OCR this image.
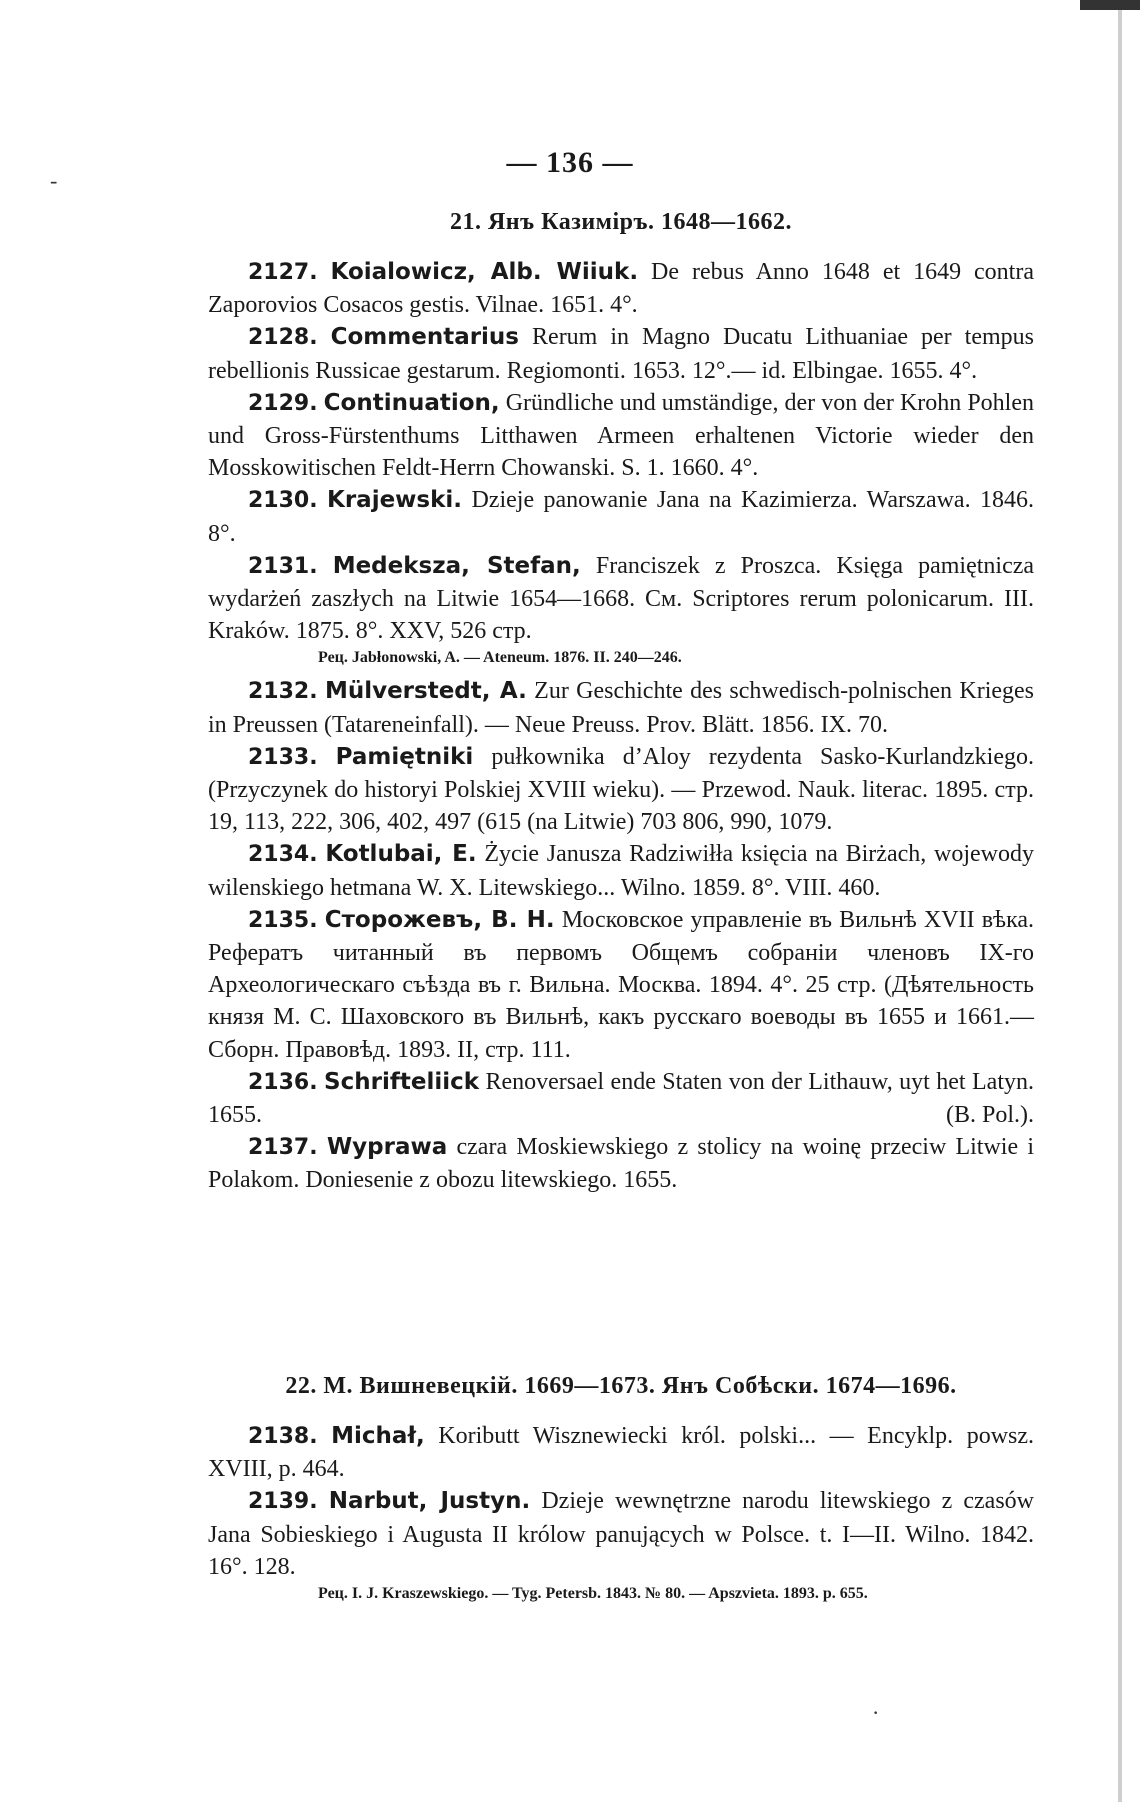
— 136 —

21. Янъ Казиміръ. 1648—1662.

2127. Koialowicz, Alb. Wiiuk. De rebus Anno 1648 et 1649 contra Zaporovios Cosacos gestis. Vilnae. 1651. 4°.

2128. Commentarius Rerum in Magno Ducatu Lithuaniae per tempus rebellionis Russicae gestarum. Regiomonti. 1653. 12°.— id. Elbingae. 1655. 4°.

2129. Continuation, Gründliche und umständige, der von der Krohn Pohlen und Gross-Fürstenthums Litthawen Armeen erhaltenen Victorie wieder den Mosskowitischen Feldt-Herrn Chowanski. S. 1. 1660. 4°.

2130. Krajewski. Dzieje panowanie Jana na Kazimierza. Warszawa. 1846. 8°.

2131. Medeksza, Stefan, Franciszek z Proszca. Księga pamiętnicza wydarżeń zaszłych na Litwie 1654—1668. См. Scriptores rerum polonicarum. III. Kraków. 1875. 8°. XXV, 526 стр.

Рец. Jabłonowski, A. — Ateneum. 1876. II. 240—246.

2132. Mülverstedt, A. Zur Geschichte des schwedisch-polnischen Krieges in Preussen (Tatareneinfall). — Neue Preuss. Prov. Blätt. 1856. IX. 70.

2133. Pamiętniki pułkownika d’Aloy rezydenta Sasko-Kurlandzkiego. (Przyczynek do historyi Polskiej XVIII wieku). — Przewod. Nauk. literac. 1895. стр. 19, 113, 222, 306, 402, 497 (615 (na Litwie) 703 806, 990, 1079.

2134. Kotlubai, E. Życie Janusza Radziwiłła księcia na Birżach, wojewody wilenskiego hetmana W. X. Litewskiego... Wilno. 1859. 8°. VIII. 460.

2135. Сторожевъ, В. Н. Московское управленіе въ Вильнѣ XVII вѣка. Рефератъ читанный въ первомъ Общемъ собраніи членовъ IX-го Археологическаго съѣзда въ г. Вильна. Москва. 1894. 4°. 25 стр. (Дѣятельность князя М. С. Шаховского въ Вильнѣ, какъ русскаго воеводы въ 1655 и 1661.—Сборн. Правовѣд. 1893. II, стр. 111.

2136. Schrifteliick Renoversael ende Staten von der Lithauw, uyt het Latyn. 1655.	(B. Pol.).

2137. Wyprawa czara Moskiewskiego z stolicy na woinę przeciw Litwie i Polakom. Doniesenie z obozu litewskiego. 1655.

22. М. Вишневецкій. 1669—1673. Янъ Собѣски. 1674—1696.

2138. Michał, Koributt Wisznewiecki król. polski... — Encyklp. powsz. XVIII, p. 464.

2139. Narbut, Justyn. Dzieje wewnętrzne narodu litewskiego z czasów Jana Sobieskiego i Augusta II królow panujących w Polsce. t. I—II. Wilno. 1842. 16°. 128.

Рец. I. J. Kraszewskiego. — Tyg. Petersb. 1843. № 80. — Apszvieta. 1893. p. 655.

‑
·
